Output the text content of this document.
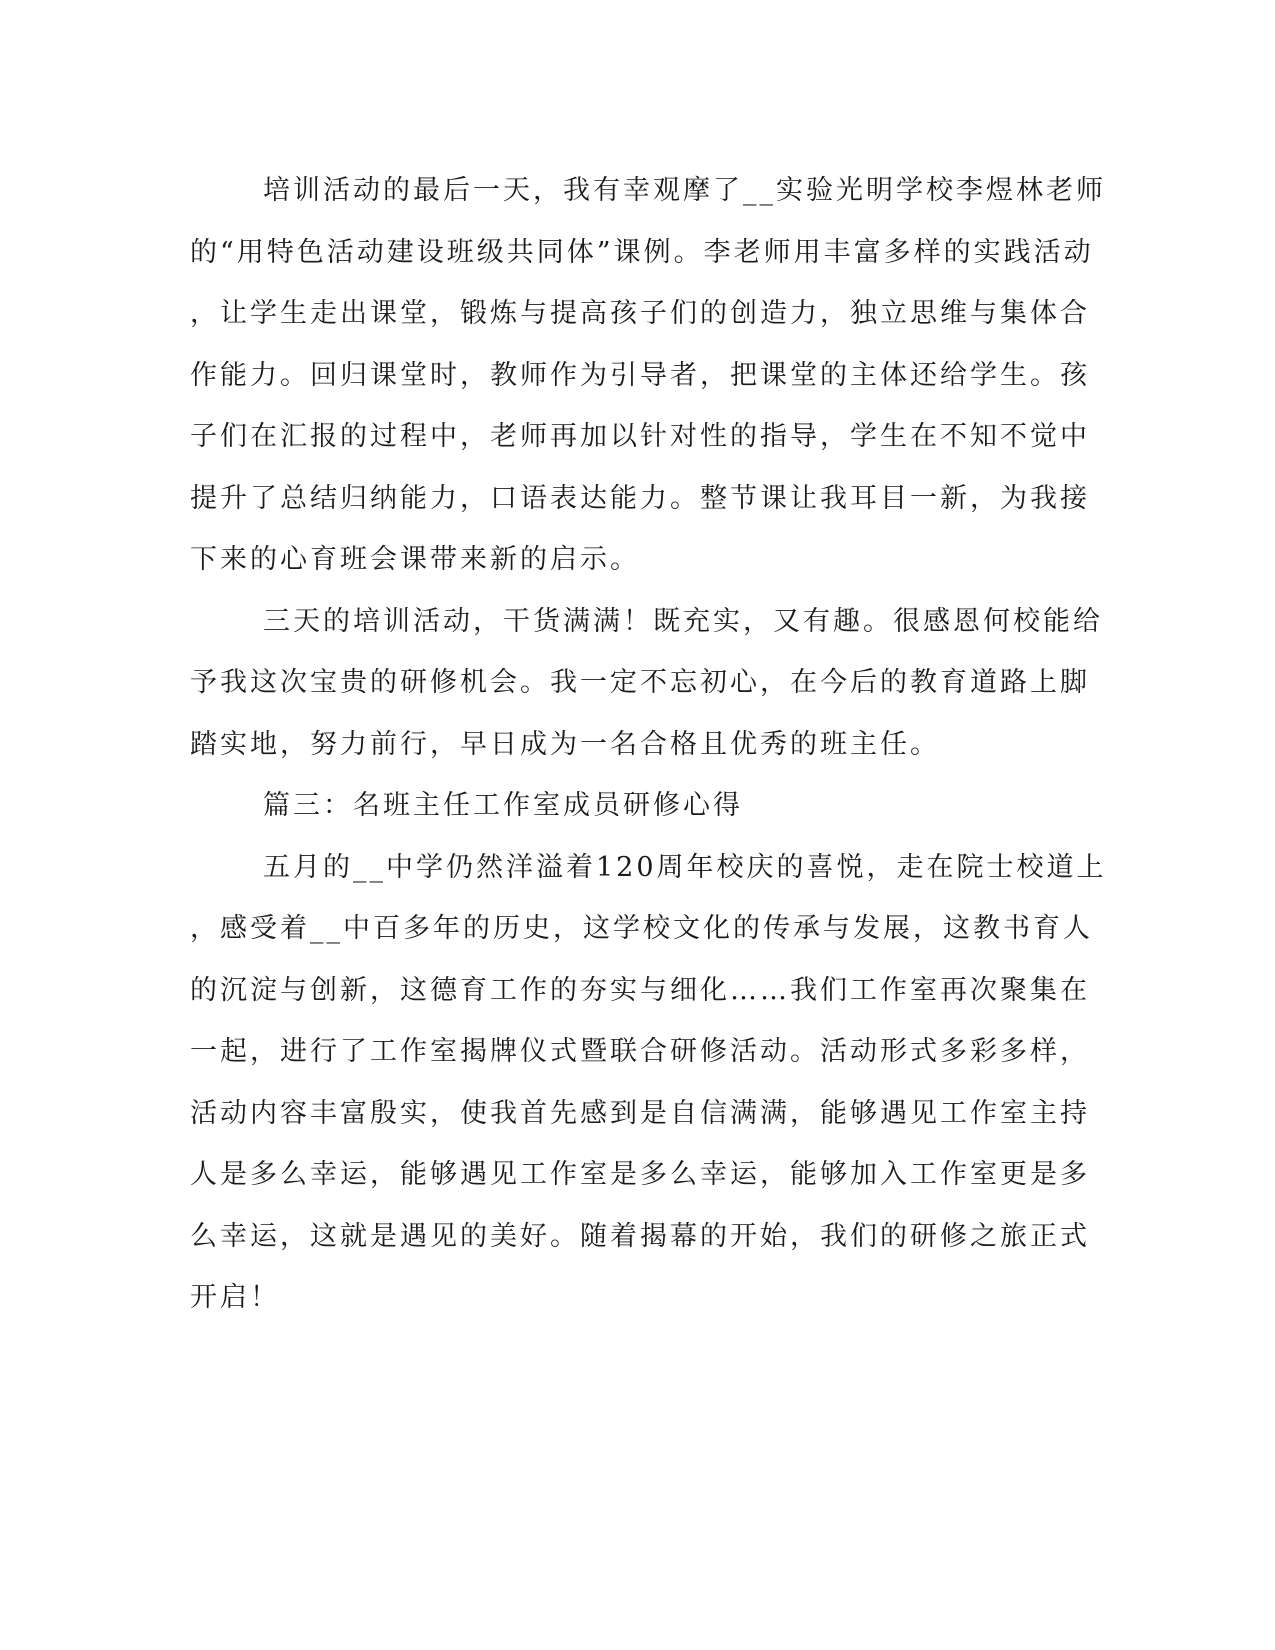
培训活动的最后一天，我有幸观摩了__实验光明学校李煜林老师
的“用特色活动建设班级共同体”课例。李老师用丰富多样的实践活动
，让学生走出课堂，锻炼与提高孩子们的创造力，独立思维与集体合
作能力。回归课堂时，教师作为引导者，把课堂的主体还给学生。孩
子们在汇报的过程中，老师再加以针对性的指导，学生在不知不觉中
提升了总结归纳能力，口语表达能力。整节课让我耳目一新，为我接
下来的心育班会课带来新的启示。
三天的培训活动，干货满满！既充实，又有趣。很感恩何校能给
予我这次宝贵的研修机会。我一定不忘初心，在今后的教育道路上脚
踏实地，努力前行，早日成为一名合格且优秀的班主任。
篇三：名班主任工作室成员研修心得
五月的__中学仍然洋溢着120周年校庆的喜悦，走在院士校道上
，感受着__中百多年的历史，这学校文化的传承与发展，这教书育人
的沉淀与创新，这德育工作的夯实与细化……我们工作室再次聚集在
一起，进行了工作室揭牌仪式暨联合研修活动。活动形式多彩多样，
活动内容丰富殷实，使我首先感到是自信满满，能够遇见工作室主持
人是多么幸运，能够遇见工作室是多么幸运，能够加入工作室更是多
么幸运，这就是遇见的美好。随着揭幕的开始，我们的研修之旅正式
开启！
